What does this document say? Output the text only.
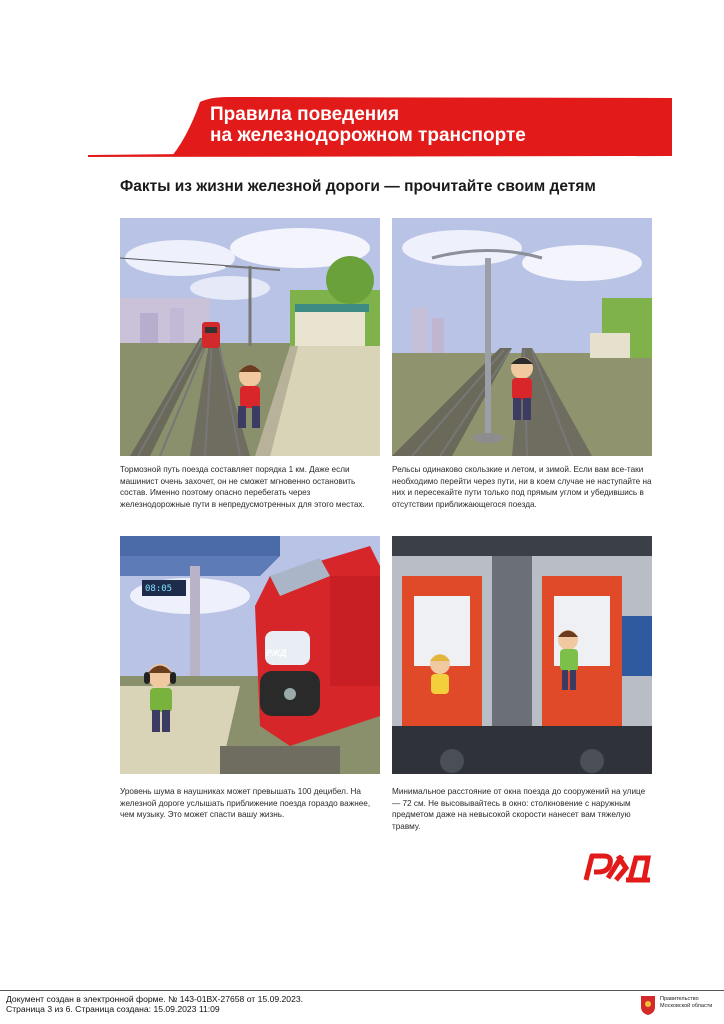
Правила поведения
на железнодорожном транспорте
Факты из жизни железной дороги — прочитайте своим детям
Тормозной путь поезда составляет порядка 1 км. Даже если машинист очень захочет, он не сможет мгновенно остановить состав. Именно поэтому опасно перебегать через железнодорожные пути в непредусмотренных для этого местах.
Рельсы одинаково скользкие и летом, и зимой. Если вам все-таки необходимо перейти через пути, ни в коем случае не наступайте на них и пересекайте пути только под прямым углом и убедившись в отсутствии приближающегося поезда.
08:05
РЖД
Уровень шума в наушниках может превышать 100 децибел. На железной дороге услышать приближение поезда гораздо важнее, чем музыку. Это может спасти вашу жизнь.
Минимальное расстояние от окна поезда до сооружений на улице — 72 см. Не высовывайтесь в окно: столкновение с наружным предметом даже на невысокой скорости нанесет вам тяжелую травму.
Документ создан в электронной форме. № 143-01ВХ-27658 от 15.09.2023.
Страница 3 из 6. Страница создана: 15.09.2023 11:09
Правительство
Московской области
